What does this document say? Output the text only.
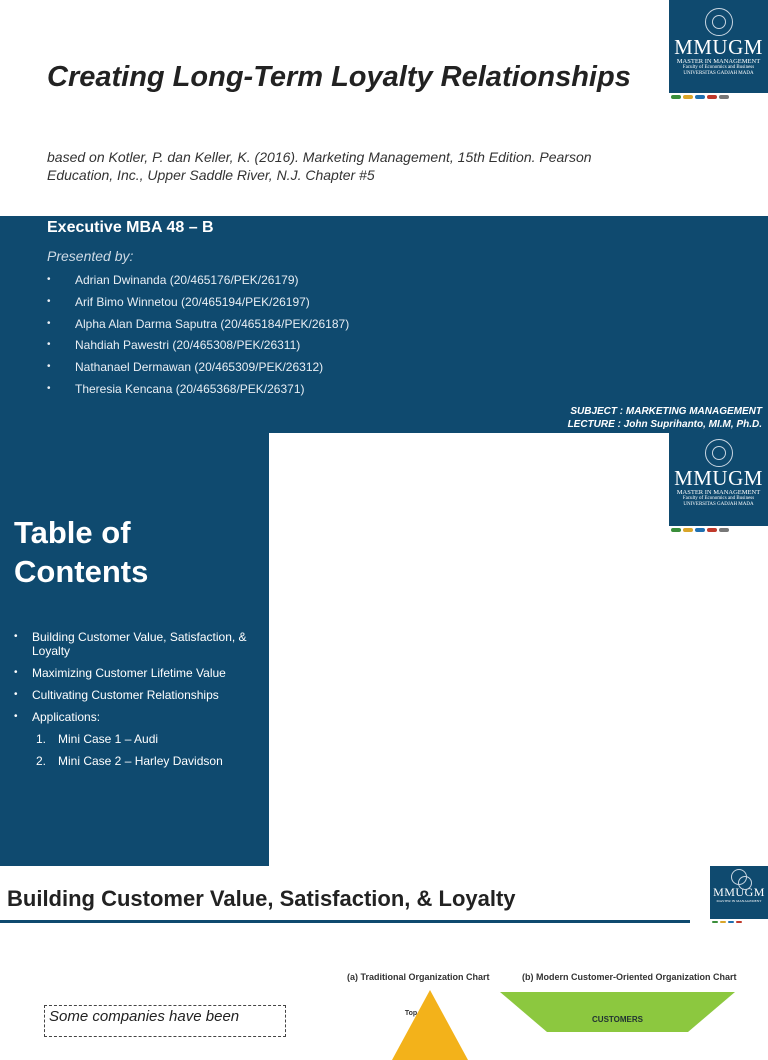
Creating Long-Term Loyalty Relationships
based on Kotler, P. dan Keller, K. (2016). Marketing Management, 15th Edition. Pearson Education, Inc., Upper Saddle River, N.J. Chapter #5
MMUGM
MASTER IN MANAGEMENT
Faculty of Economics and Business
UNIVERSITAS GADJAH MADA
Executive MBA 48 – B
Presented by:
• Adrian Dwinanda (20/465176/PEK/26179)
• Arif Bimo Winnetou (20/465194/PEK/26197)
• Alpha Alan Darma Saputra (20/465184/PEK/26187)
• Nahdiah Pawestri (20/465308/PEK/26311)
• Nathanael Dermawan (20/465309/PEK/26312)
• Theresia Kencana (20/465368/PEK/26371)
SUBJECT : MARKETING MANAGEMENT
LECTURE : John Suprihanto, MI.M, Ph.D.
Table of Contents
• Building Customer Value, Satisfaction, & Loyalty
• Maximizing Customer Lifetime Value
• Cultivating Customer Relationships
• Applications:
1. Mini Case 1 – Audi
2. Mini Case 2 – Harley Davidson
MMUGM
MASTER IN MANAGEMENT
Faculty of Economics and Business
UNIVERSITAS GADJAH MADA
Building Customer Value, Satisfaction, & Loyalty	MMUGM
MASTER IN MANAGEMENT
Some companies have been
(a) Traditional Organization Chart	(b) Modern Customer-Oriented Organization Chart
Top
CUSTOMERS
